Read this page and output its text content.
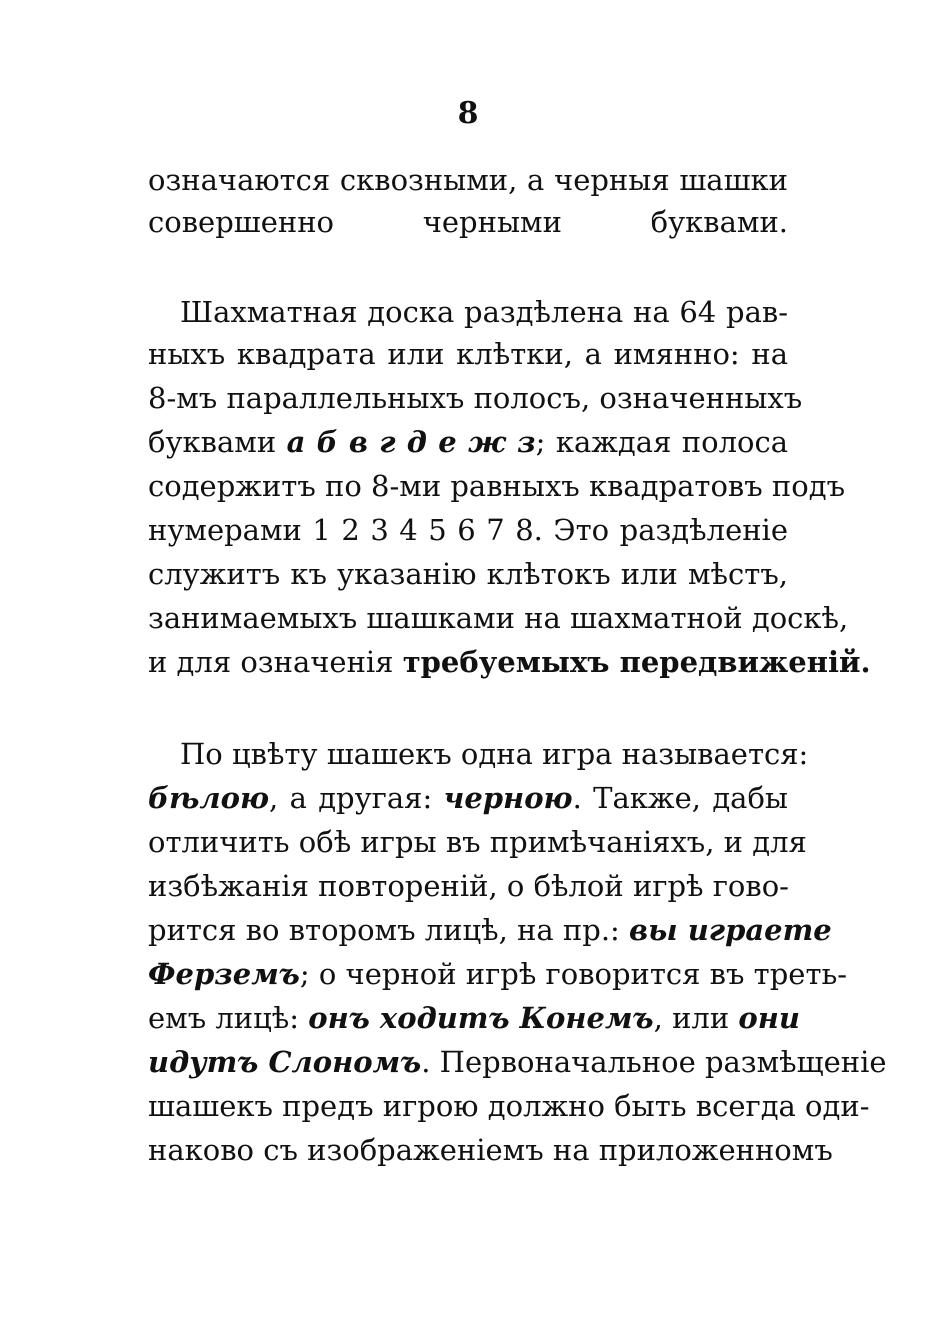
8
означаются сквозными, а черныя шашки
совершенно черными буквами.
Шахматная доска раздѣлена на 64 рав-
ныхъ квадрата или клѣтки, а имянно: на
8-мъ параллельныхъ полосъ, означенныхъ
буквами а б в г д е ж з; каждая полоса
содержитъ по 8-ми равныхъ квадратовъ подъ
нумерами 1 2 3 4 5 6 7 8. Это раздѣленіе
служитъ къ указанію клѣтокъ или мѣстъ,
занимаемыхъ шашками на шахматной доскѣ,
и для означенія требуемыхъ передвиженій.
По цвѣту шашекъ одна игра называется:
бѣлою, а другая: черною. Также, дабы
отличить обѣ игры въ примѣчаніяхъ, и для
избѣжанія повтореній, о бѣлой игрѣ гово-
рится во второмъ лицѣ, на пр.: вы играете
Ферземъ; о черной игрѣ говорится въ треть-
емъ лицѣ: онъ ходитъ Конемъ, или они
идутъ Слономъ. Первоначальное размѣщеніе
шашекъ предъ игрою должно быть всегда оди-
наково съ изображеніемъ на приложенномъ
